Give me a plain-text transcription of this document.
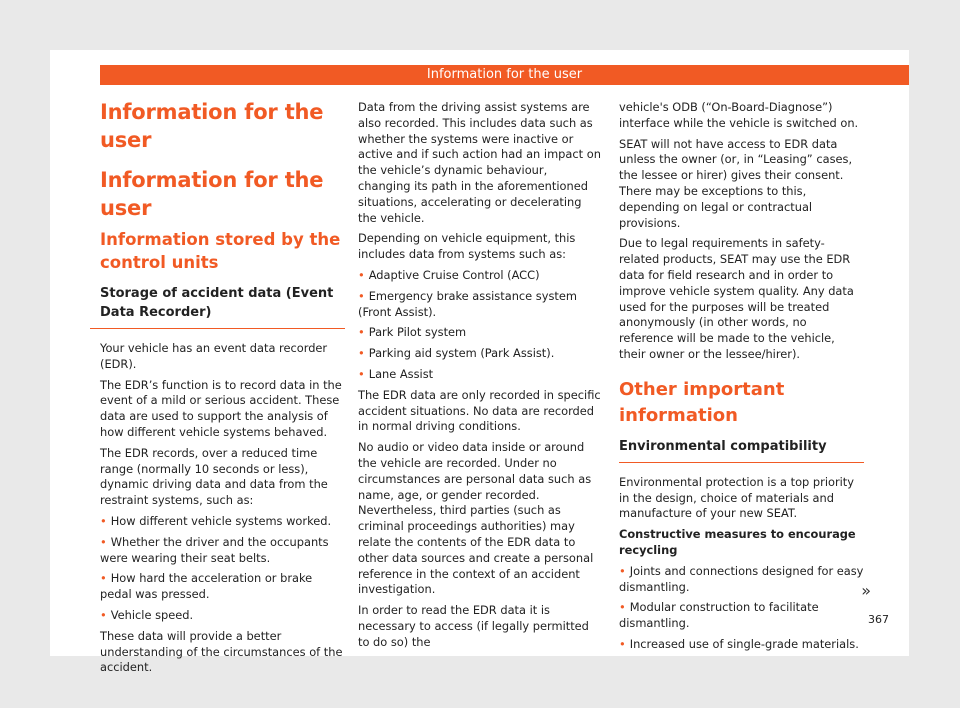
Information for the user
Information for the user
Information for the user
Information stored by the control units
Storage of accident data (Event Data Recorder)

Your vehicle has an event data recorder (EDR).

The EDR’s function is to record data in the event of a mild or serious accident. These data are used to support the analysis of how different vehicle systems behaved.

The EDR records, over a reduced time range (normally 10 seconds or less), dynamic driving data and data from the restraint systems, such as:

• How different vehicle systems worked.

• Whether the driver and the occupants were wearing their seat belts.

• How hard the acceleration or brake pedal was pressed.

• Vehicle speed.

These data will provide a better understanding of the circumstances of the accident.

Data from the driving assist systems are also recorded. This includes data such as whether the systems were inactive or active and if such action had an impact on the vehicle’s dynamic behaviour, changing its path in the aforementioned situations, accelerating or decelerating the vehicle.

Depending on vehicle equipment, this includes data from systems such as:

• Adaptive Cruise Control (ACC)

• Emergency brake assistance system (Front Assist).

• Park Pilot system

• Parking aid system (Park Assist).

• Lane Assist

The EDR data are only recorded in specific accident situations. No data are recorded in normal driving conditions.

No audio or video data inside or around the vehicle are recorded. Under no circumstances are personal data such as name, age, or gender recorded. Nevertheless, third parties (such as criminal proceedings authorities) may relate the contents of the EDR data to other data sources and create a personal reference in the context of an accident investigation.

In order to read the EDR data it is necessary to access (if legally permitted to do so) the

vehicle's ODB (“On-Board-Diagnose”) interface while the vehicle is switched on.

SEAT will not have access to EDR data unless the owner (or, in “Leasing” cases, the lessee or hirer) gives their consent. There may be exceptions to this, depending on legal or contractual provisions.

Due to legal requirements in safety-related products, SEAT may use the EDR data for field research and in order to improve vehicle system quality. Any data used for the purposes will be treated anonymously (in other words, no reference will be made to the vehicle, their owner or the lessee/hirer).

Other important information
Environmental compatibility

Environmental protection is a top priority in the design, choice of materials and manufacture of your new SEAT.

Constructive measures to encourage recycling

• Joints and connections designed for easy dismantling.

• Modular construction to facilitate dismantling.

• Increased use of single-grade materials.

»
367
